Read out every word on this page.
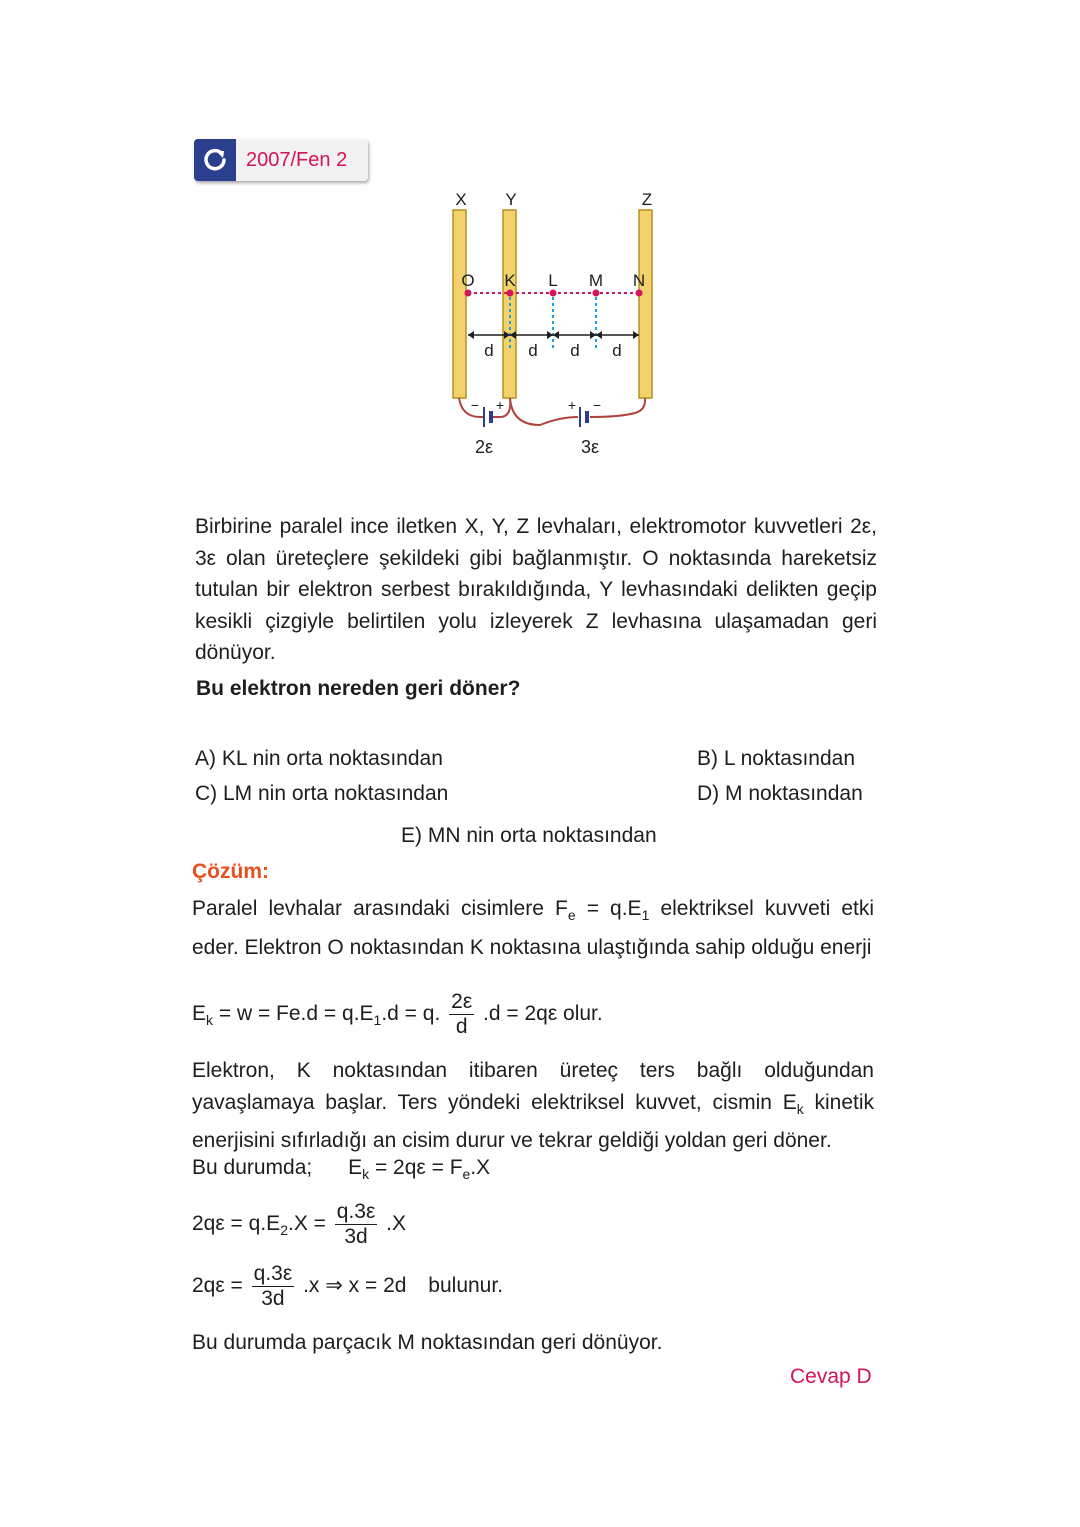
2007/Fen 2
X Y	Z
O K L M N
d d d d
− +
2ε
+ −
3ε
Birbirine paralel ince iletken X, Y, Z levhaları, elektromotor kuvvetleri 2ε, 3ε olan üreteçlere şekildeki gibi bağlanmıştır. O noktasında hareketsiz tutulan bir elektron serbest bırakıldığında, Y levhasındaki delikten geçip kesikli çizgiyle belirtilen yolu izleyerek Z levhasına ulaşamadan geri dönüyor.
Bu elektron nereden geri döner?
A) KL nin orta noktasından	B) L noktasından
C) LM nin orta noktasından	D) M noktasından
E) MN nin orta noktasından
Çözüm:
Paralel levhalar arasındaki cisimlere $F_e = q.E_1$ elektriksel kuvveti etki eder. Elektron O noktasından K noktasına ulaştığında sahip olduğu enerji
$E_k = w = Fe.d = q.E_1.d = q$. $\frac{2\varepsilon}{d} .d = 2q\varepsilon$ olur.
Elektron, K noktasından itibaren üreteç ters bağlı olduğundan yavaşlamaya başlar. Ters yöndeki elektriksel kuvvet, cismin $E_k$ kinetik enerjisini sıfırladığı an cisim durur ve tekrar geldiği yoldan geri döner.
Bu durumda; $E_k = 2q\varepsilon = F_e.X$
$2q\varepsilon = q.E_2.X = \frac{q.3\varepsilon}{3d} .X$
$2q\varepsilon = \frac{q.3\varepsilon}{3d} .x$ ⇒ x = 2d bulunur.
Bu durumda parçacık M noktasından geri dönüyor.
Cevap D
